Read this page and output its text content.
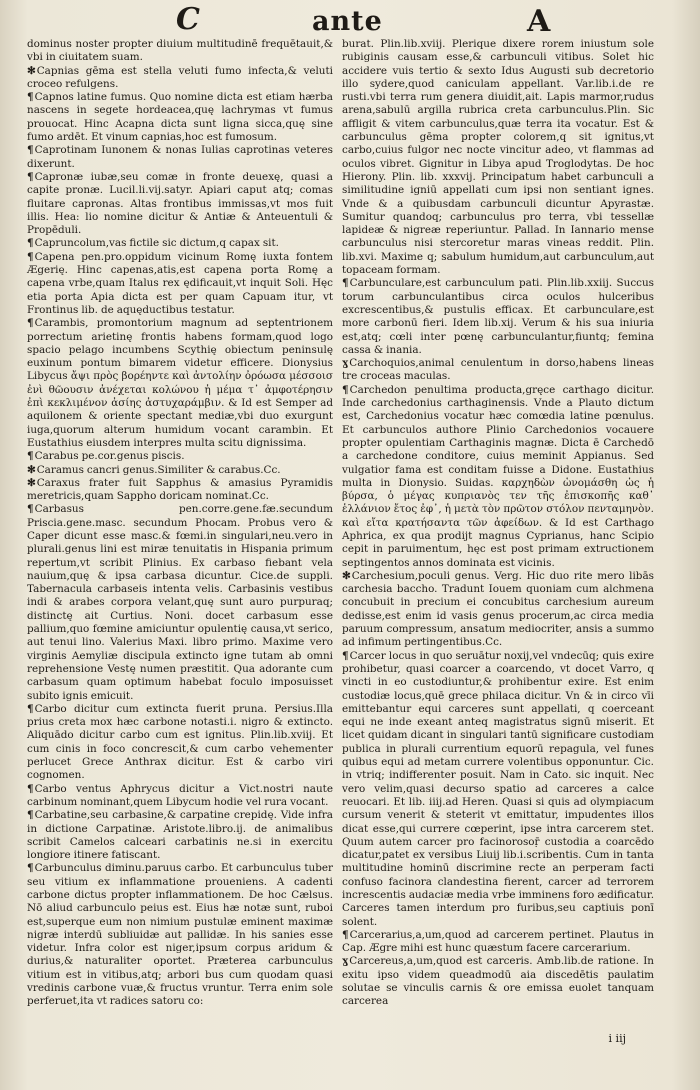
C	ante	A

dominus noster propter diuium multitudinē frequētauit,& vbi in ciuitatem suam.

✻Capnias gēma est stella veluti fumo infecta,& veluti croceo refulgens.

¶Capnos latine fumus. Quo nomine dicta est etiam hærba nascens in segete hordeacea,quę lachrymas vt fumus prouocat. Hinc Acapna dicta sunt ligna sicca,quę sine fumo ardēt. Et vinum capnias,hoc est fumosum.

¶Caprotinam Iunonem & nonas Iulias caprotinas veteres dixerunt.

¶Capronæ iubæ,seu comæ in fronte deuexę, quasi a capite pronæ. Lucil.li.vij.satyr. Apiari caput atq; comas fluitare capronas. Altas frontibus immissas,vt mos fuit illis. Hea: lio nomine dicitur & Antiæ & Anteuentuli & Propēduli.

¶Capruncolum,vas fictile sic dictum,q capax sit.

¶Capena pen.pro.oppidum vicinum Romę iuxta fontem Ægerię. Hinc capenas,atis,est capena porta Romę a capena vrbe,quam Italus rex ędificauit,vt inquit Soli. Hęc etia porta Apia dicta est per quam Capuam itur, vt Frontinus lib. de aquęductibus testatur.

¶Carambis, promontorium magnum ad septentrionem porrectum arietinę frontis habens formam,quod logo spacio pelago incumbens Scythię obiectum peninsulę euxinum pontum bimarem videtur efficere. Dionysius Libycus ἄψι πρὸς βορέηντε καὶ ἀντολίην ὀρόωσα μέσσοισ ἐνὶ θῶουσιν ἀνέχεται κολώνου ἡ μέμα τ᾽ ἀμφοτέρησιν ἐπὶ κεκλιμένον ἀσίης ἀστυχαράμβιν. & Id est Semper ad aquilonem & oriente spectant mediæ,vbi duo exurgunt iuga,quorum alterum humidum vocant carambin. Et Eustathius eiusdem interpres multa scitu dignissima.

¶Carabus pe.cor.genus piscis.

✻Caramus cancri genus.Similiter & carabus.Cc.

✻Caraxus frater fuit Sapphus & amasius Pyramidis meretricis,quam Sappho doricam nominat.Cc.

¶Carbasus pen.corre.gene.fæ.secundum Priscia.gene.masc. secundum Phocam. Probus vero & Caper dicunt esse masc.& fœmi.in singulari,neu.vero in plurali.genus lini est miræ tenuitatis in Hispania primum repertum,vt scribit Plinius. Ex carbaso fiebant vela nauium,quę & ipsa carbasa dicuntur. Cice.de suppli. Tabernacula carbaseis intenta velis. Carbasinis vestibus indi & arabes corpora velant,quę sunt auro purpuraq; distinctę ait Curtius. Noni. docet carbasum esse pallium,quo fœmine amiciuntur opulentię causa,vt serico, aut tenui lino. Valerius Maxi. libro primo. Maxime vero virginis Aemyliæ discipula extincto igne tutam ab omni reprehensione Vestę numen præstitit. Qua adorante cum carbasum quam optimum habebat foculo imposuisset subito ignis emicuit.

¶Carbo dicitur cum extincta fuerit pruna. Persius.Illa prius creta mox hæc carbone notasti.i. nigro & extincto. Aliquādo dicitur carbo cum est ignitus. Plin.lib.xviij. Et cum cinis in foco concrescit,& cum carbo vehementer perlucet Grece Anthrax dicitur. Est & carbo viri cognomen.

¶Carbo ventus Aphrycus dicitur a Vict.nostri naute carbinum nominant,quem Libycum hodie vel rura vocant.

¶Carbatine,seu carbasine,& carpatine crepidę. Vide infra in dictione Carpatinæ. Aristote.libro.ij. de animalibus scribit Camelos calceari carbatinis ne.si in exercitu longiore itinere fatiscant.

¶Carbunculus diminu.paruus carbo. Et carbunculus tuber seu vitium ex inflammatione proueniens. A cadenti carbone dictus propter inflammationem. De hoc Cælsus. Nō aliud carbunculo peius est. Eius hæ notæ sunt, ruboi est,superque eum non nimium pustulæ eminent maximæ nigræ interdū subliuidæ aut pallidæ. In his sanies esse videtur. Infra color est niger,ipsum corpus aridum & durius,& naturaliter oportet. Præterea carbunculus vitium est in vitibus,atq; arbori bus cum quodam quasi vredinis carbone vuæ,& fructus vruntur. Terra enim sole perferuet,ita vt radices satoru co:

burat. Plin.lib.xviij. Plerique dixere rorem iniustum sole rubiginis causam esse,& carbunculi vitibus. Solet hic accidere vuis tertio & sexto Idus Augusti sub decretorio illo sydere,quod caniculam appellant. Var.lib.i.de re rusti.vbi terra rum genera diuidit,ait. Lapis marmor,rudus arena,sabulū argilla rubrica creta carbunculus.Plin. Sic affligit & vitem carbunculus,quæ terra ita vocatur. Est & carbunculus gēma propter colorem,q sit ignitus,vt carbo,cuius fulgor nec nocte vincitur adeo, vt flammas ad oculos vibret. Gignitur in Libya apud Troglodytas. De hoc Hierony. Plin. lib. xxxvij. Principatum habet carbunculi a similitudine igniū appellati cum ipsi non sentiant ignes. Vnde & a quibusdam carbunculi dicuntur Apyrastæ. Sumitur quandoq; carbunculus pro terra, vbi tessellæ lapideæ & nigreæ reperiuntur. Pallad. In Iannario mense carbunculus nisi stercoretur maras vineas reddit. Plin. lib.xvi. Maxime q; sabulum humidum,aut carbunculum,aut topaceam formam.

¶Carbunculare,est carbunculum pati. Plin.lib.xxiij. Succus torum carbunculantibus circa oculos hulceribus excrescentibus,& pustulis efficax. Et carbunculare,est more carbonū fieri. Idem lib.xij. Verum & his sua iniuria est,atq; cœli inter pœnę carbunculantur,fiuntq; femina cassa & inania.

ɣCarchoquios,animal cenulentum in dorso,habens lineas tre croceas maculas.

¶Carchedon penultima producta,gręce carthago dicitur. Inde carchedonius carthaginensis. Vnde a Plauto dictum est, Carchedonius vocatur hæc comœdia latine pœnulus. Et carbunculos authore Plinio Carchedonios vocauere propter opulentiam Carthaginis magnæ. Dicta ē Carchedō a carchedone conditore, cuius meminit Appianus. Sed vulgatior fama est conditam fuisse a Didone. Eustathius multa in Dionysio. Suidas. καρχηδὼν ὡνομάσθη ὡς ἡ βύρσα, ὁ μέγας κυπριανὸς τεν τῆς ἐπισκοπῆς καθ᾽ ἑλλάνιον ἔτος ἐφ᾽, ἡ μετὰ τὸν πρῶτον στόλον πενταμηνὸν. καὶ εἴτα κρατήσαντα τῶν ἀφείδων. & Id est Carthago Aphrica, ex qua prodijt magnus Cyprianus, hanc Scipio cepit in paruimentum, hęc est post primam extructionem septingentos annos dominata est vicinis.

✻Carchesium,poculi genus. Verg. Hic duo rite mero libās carchesia baccho. Tradunt Iouem quoniam cum alchmena concubuit in precium ei concubitus carchesium aureum dedisse,est enim id vasis genus procerum,ac circa media paruum compressum, ansatum mediocriter, ansis a summo ad infimum pertingentibus.Cc.

¶Carcer locus in quo seruātur noxij,vel vndecūq; quis exire prohibetur, quasi coarcer a coarcendo, vt docet Varro, q vincti in eo custodiuntur,& prohibentur exire. Est enim custodiæ locus,quē grece philaca dicitur. Vn & in circo vīi emittebantur equi carceres sunt appellati, q coerceant equi ne inde exeant anteq magistratus signū miserit. Et licet quidam dicant in singulari tantū significare custodiam publica in plurali currentium equorū repagula, vel funes quibus equi ad metam currere volentibus opponuntur. Cic. in vtriq; indifferenter posuit. Nam in Cato. sic inquit. Nec vero velim,quasi decurso spatio ad carceres a calce reuocari. Et lib. iiij.ad Heren. Quasi si quis ad olympiacum cursum venerit & steterit vt emittatur, impudentes illos dicat esse,qui currere cœperint, ipse intra carcerem stet. Quum autem carcer pro facinorosoṝ custodia a coarcēdo dicatur,patet ex versibus Liuij lib.i.scribentis. Cum in tanta multitudine hominū discrimine recte an perperam facti confuso facinora clandestina fierent, carcer ad terrorem increscentis audaciæ media vrbe imminens foro ædificatur. Carceres tamen interdum pro furibus,seu captiuis ponī solent.

¶Carcerarius,a,um,quod ad carcerem pertinet. Plautus in Cap. Ægre mihi est hunc quæstum facere carcerarium.

ɣCarcereus,a,um,quod est carceris. Amb.lib.de ratione. In exitu ipso videm queadmodū aia discedētis paulatim solutae se vinculis carnis & ore emissa euolet tanquam carcerea

i iij
